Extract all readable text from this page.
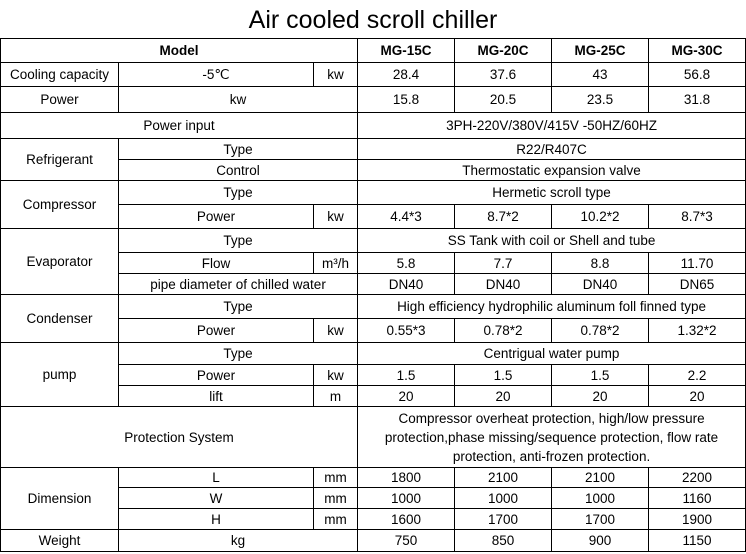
Air cooled scroll chiller
Model			MG-15C	MG-20C	MG-25C	MG-30C
Cooling capacity	-5℃	kw	28.4	37.6	43	56.8
Power	kw		15.8	20.5	23.5	31.8
Power input			3PH-220V/380V/415V -50HZ/60HZ			
Refrigerant	Type		R22/R407C			
	Control		Thermostatic expansion valve			
Compressor	Type		Hermetic scroll type			
	Power	kw	4.4*3	8.7*2	10.2*2	8.7*3
Evaporator	Type		SS Tank with coil or Shell and tube			
	Flow	m³/h	5.8	7.7	8.8	11.70
	pipe diameter of chilled water		DN40	DN40	DN40	DN65
Condenser	Type		High efficiency hydrophilic aluminum foll finned type			
	Power	kw	0.55*3	0.78*2	0.78*2	1.32*2
pump	Type		Centrigual water pump			
	Power	kw	1.5	1.5	1.5	2.2
	lift	m	20	20	20	20
Protection System			Compressor overheat protection, high/low pressure protection,phase missing/sequence protection, flow rate protection, anti-frozen protection.			
Dimension	L	mm	1800	2100	2100	2200
	W	mm	1000	1000	1000	1160
	H	mm	1600	1700	1700	1900
Weight	kg		750	850	900	1150
